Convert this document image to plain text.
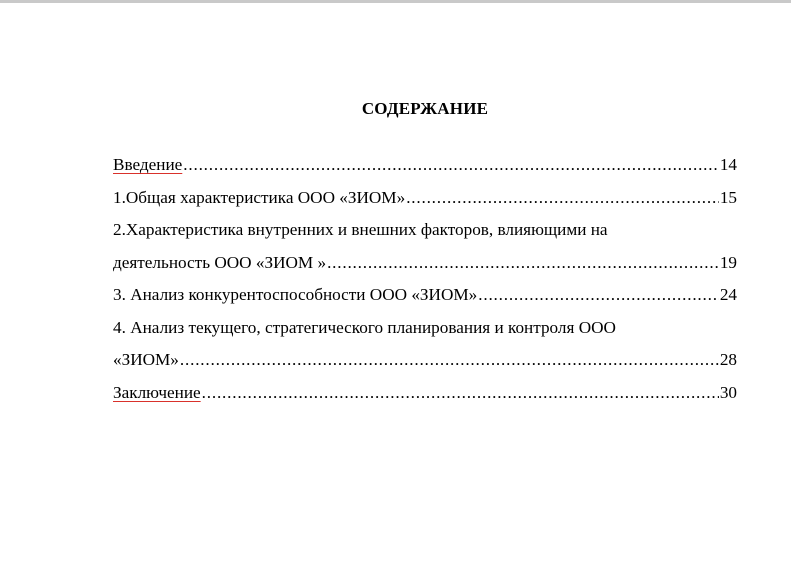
СОДЕРЖАНИЕ
Введение .....	14
1.Общая характеристика ООО «ЗИОМ» .....	15
2.Характеристика внутренних и внешних факторов, влияющими на
деятельность ООО «ЗИОМ » .....	19
3. Анализ конкурентоспособности ООО «ЗИОМ» .....	24
4. Анализ текущего, стратегического планирования и контроля ООО
«ЗИОМ» .....	28
Заключение .....	30
